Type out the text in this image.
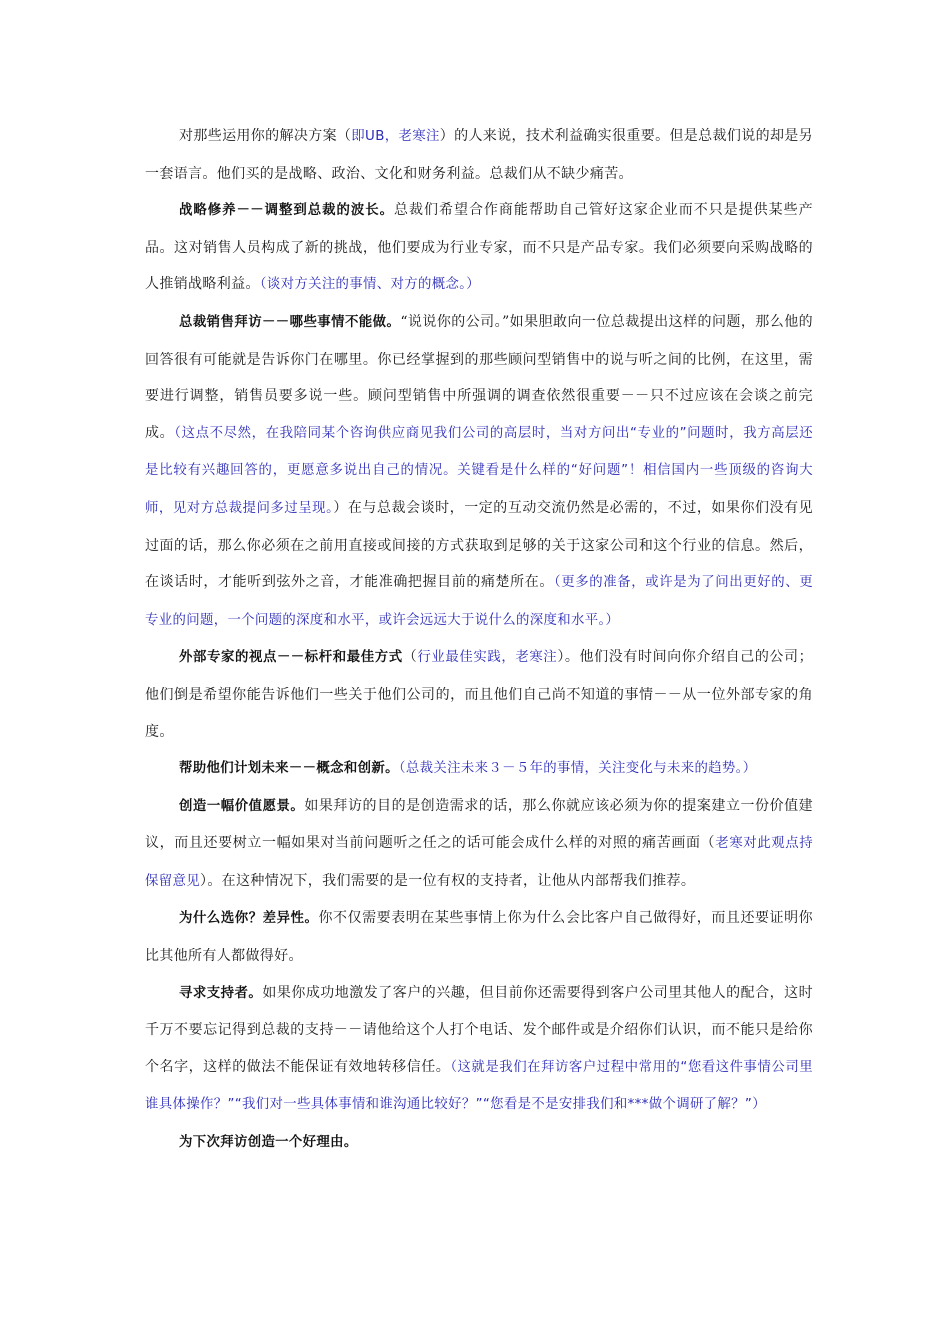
对那些运用你的解决方案（即UB，老寒注）的人来说，技术利益确实很重要。但是总裁们说的却是另一套语言。他们买的是战略、政治、文化和财务利益。总裁们从不缺少痛苦。

战略修养－－调整到总裁的波长。总裁们希望合作商能帮助自己管好这家企业而不只是提供某些产品。这对销售人员构成了新的挑战，他们要成为行业专家，而不只是产品专家。我们必须要向采购战略的人推销战略利益。（谈对方关注的事情、对方的概念。）

总裁销售拜访－－哪些事情不能做。“说说你的公司。”如果胆敢向一位总裁提出这样的问题，那么他的回答很有可能就是告诉你门在哪里。你已经掌握到的那些顾问型销售中的说与听之间的比例，在这里，需要进行调整，销售员要多说一些。顾问型销售中所强调的调查依然很重要－－只不过应该在会谈之前完成。（这点不尽然，在我陪同某个咨询供应商见我们公司的高层时，当对方问出“专业的”问题时，我方高层还是比较有兴趣回答的，更愿意多说出自己的情况。关键看是什么样的“好问题”！相信国内一些顶级的咨询大师，见对方总裁提问多过呈现。）在与总裁会谈时，一定的互动交流仍然是必需的，不过，如果你们没有见过面的话，那么你必须在之前用直接或间接的方式获取到足够的关于这家公司和这个行业的信息。然后，在谈话时，才能听到弦外之音，才能准确把握目前的痛楚所在。（更多的准备，或许是为了问出更好的、更专业的问题，一个问题的深度和水平，或许会远远大于说什么的深度和水平。）

外部专家的视点－－标杆和最佳方式（行业最佳实践，老寒注）。他们没有时间向你介绍自己的公司；他们倒是希望你能告诉他们一些关于他们公司的，而且他们自己尚不知道的事情－－从一位外部专家的角度。

帮助他们计划未来－－概念和创新。（总裁关注未来３－５年的事情，关注变化与未来的趋势。）

创造一幅价值愿景。如果拜访的目的是创造需求的话，那么你就应该必须为你的提案建立一份价值建议，而且还要树立一幅如果对当前问题听之任之的话可能会成什么样的对照的痛苦画面（老寒对此观点持保留意见）。在这种情况下，我们需要的是一位有权的支持者，让他从内部帮我们推荐。

为什么选你？差异性。你不仅需要表明在某些事情上你为什么会比客户自己做得好，而且还要证明你比其他所有人都做得好。

寻求支持者。如果你成功地激发了客户的兴趣，但目前你还需要得到客户公司里其他人的配合，这时千万不要忘记得到总裁的支持－－请他给这个人打个电话、发个邮件或是介绍你们认识，而不能只是给你个名字，这样的做法不能保证有效地转移信任。（这就是我们在拜访客户过程中常用的“您看这件事情公司里谁具体操作？”“我们对一些具体事情和谁沟通比较好？”“您看是不是安排我们和***做个调研了解？”）

为下次拜访创造一个好理由。
